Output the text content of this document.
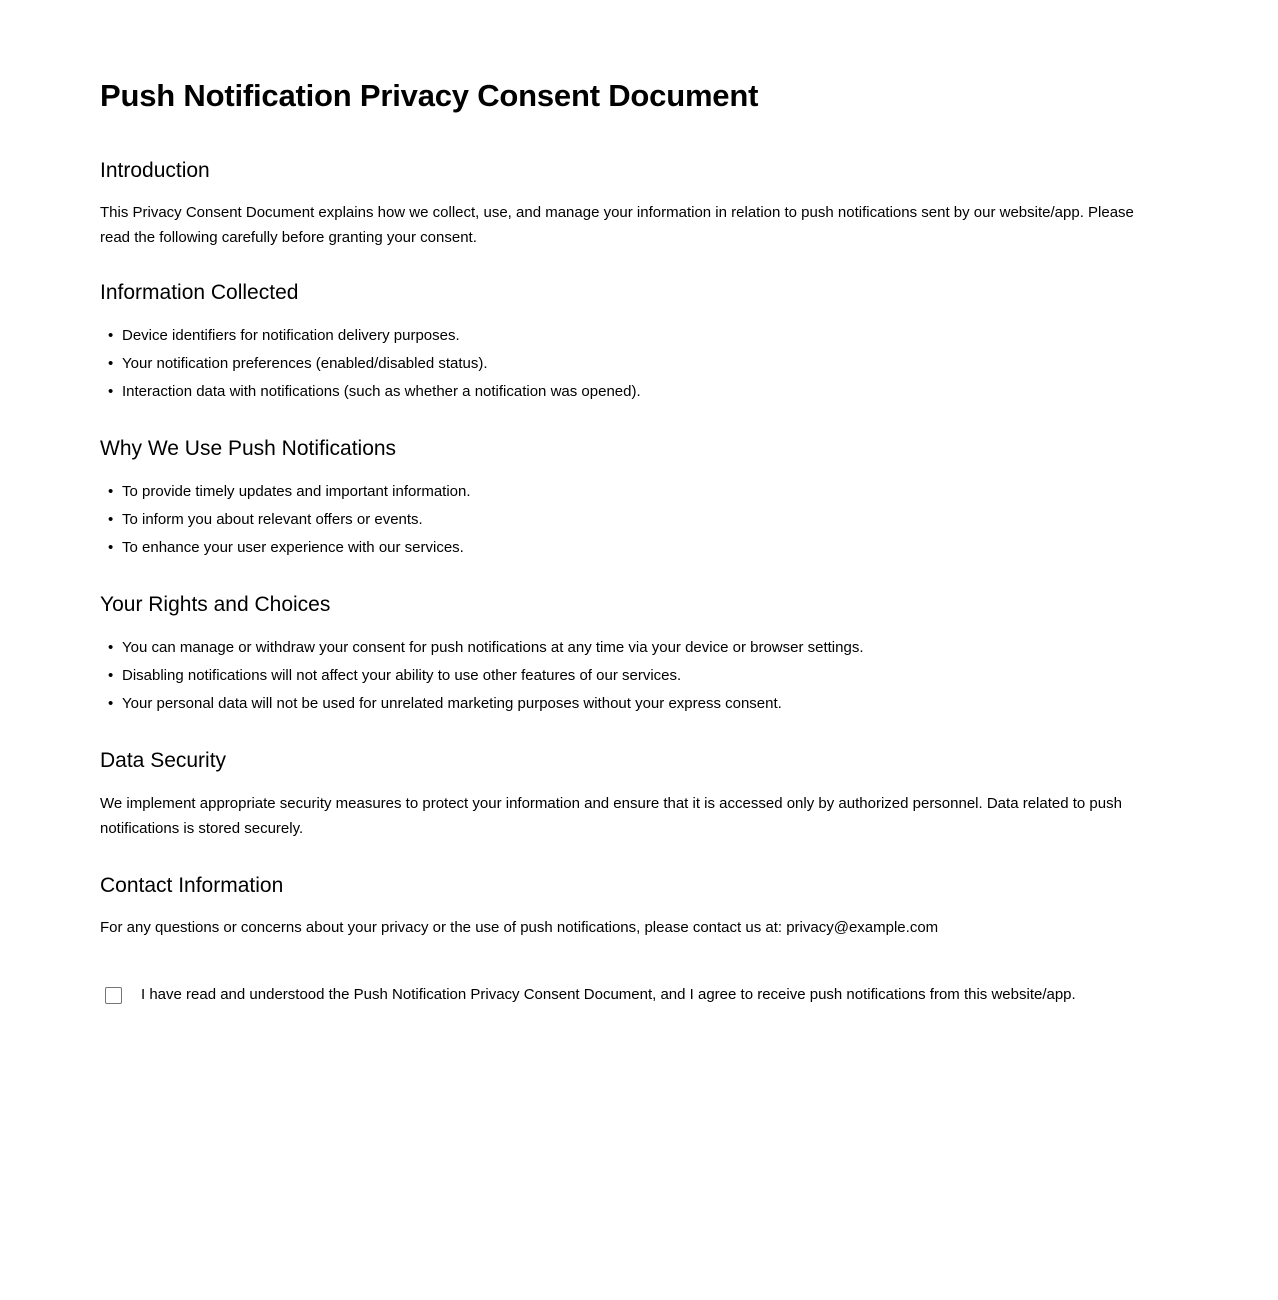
Push Notification Privacy Consent Document
Introduction

This Privacy Consent Document explains how we collect, use, and manage your information in relation to push notifications sent by our website/app. Please read the following carefully before granting your consent.

Information Collected
• Device identifiers for notification delivery purposes.
• Your notification preferences (enabled/disabled status).
• Interaction data with notifications (such as whether a notification was opened).
Why We Use Push Notifications
• To provide timely updates and important information.
• To inform you about relevant offers or events.
• To enhance your user experience with our services.
Your Rights and Choices
• You can manage or withdraw your consent for push notifications at any time via your device or browser settings.
• Disabling notifications will not affect your ability to use other features of our services.
• Your personal data will not be used for unrelated marketing purposes without your express consent.
Data Security

We implement appropriate security measures to protect your information and ensure that it is accessed only by authorized personnel. Data related to push notifications is stored securely.

Contact Information

For any questions or concerns about your privacy or the use of push notifications, please contact us at: privacy@example.com

I have read and understood the Push Notification Privacy Consent Document, and I agree to receive push notifications from this website/app.
